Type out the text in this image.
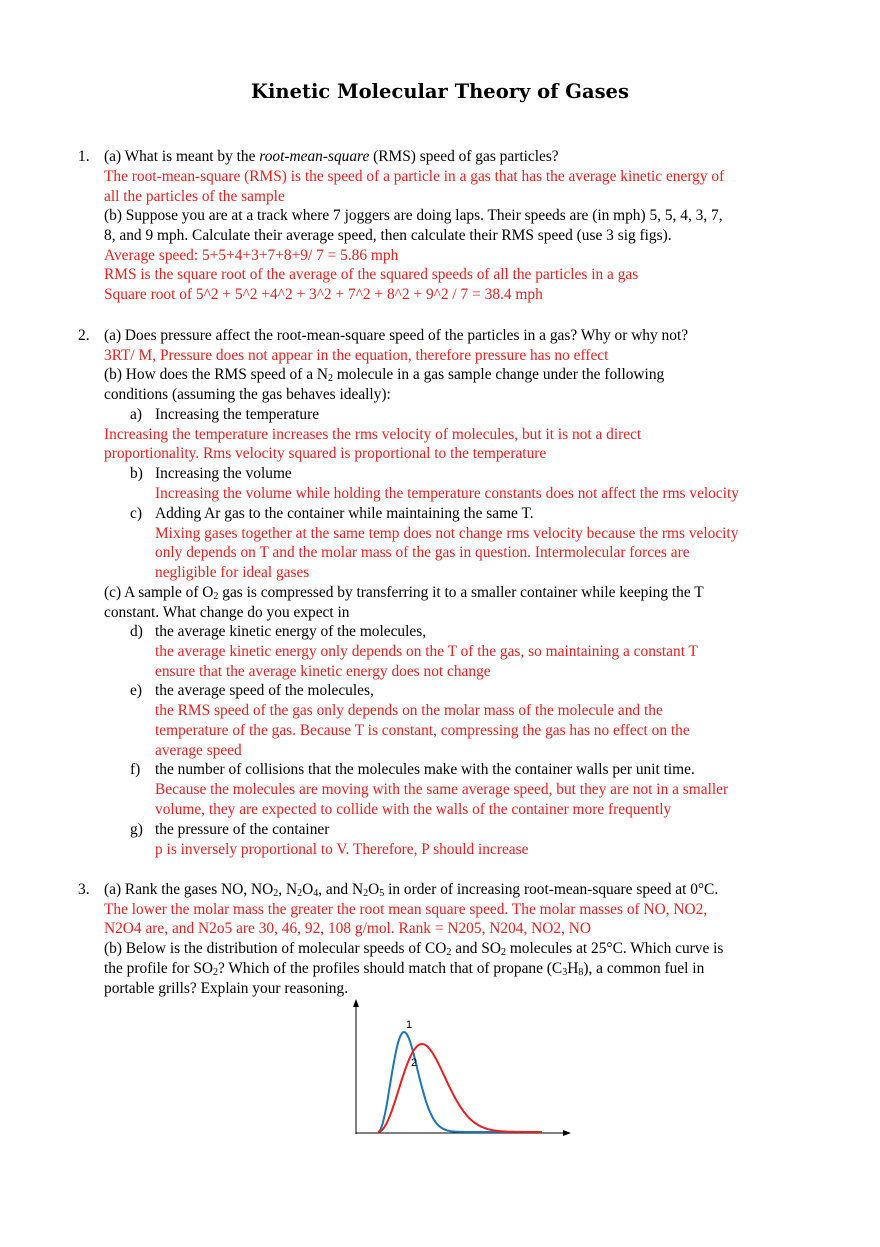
Kinetic Molecular Theory of Gases
1. (a) What is meant by the root-mean-square (RMS) speed of gas particles?
The root-mean-square (RMS) is the speed of a particle in a gas that has the average kinetic energy of
all the particles of the sample
(b) Suppose you are at a track where 7 joggers are doing laps. Their speeds are (in mph) 5, 5, 4, 3, 7,
8, and 9 mph. Calculate their average speed, then calculate their RMS speed (use 3 sig figs).
Average speed: 5+5+4+3+7+8+9/ 7 = 5.86 mph
RMS is the square root of the average of the squared speeds of all the particles in a gas
Square root of 5^2 + 5^2 +4^2 + 3^2 + 7^2 + 8^2 + 9^2 / 7 = 38.4 mph
2. (a) Does pressure affect the root-mean-square speed of the particles in a gas? Why or why not?
3RT/ M, Pressure does not appear in the equation, therefore pressure has no effect
(b) How does the RMS speed of a $N_2$ molecule in a gas sample change under the following
conditions (assuming the gas behaves ideally):
a) Increasing the temperature
Increasing the temperature increases the rms velocity of molecules, but it is not a direct
proportionality. Rms velocity squared is proportional to the temperature
b) Increasing the volume
Increasing the volume while holding the temperature constants does not affect the rms velocity
c) Adding Ar gas to the container while maintaining the same T.
Mixing gases together at the same temp does not change rms velocity because the rms velocity
only depends on T and the molar mass of the gas in question. Intermolecular forces are
negligible for ideal gases
(c) A sample of $O_2$ gas is compressed by transferring it to a smaller container while keeping the T
constant. What change do you expect in
d) the average kinetic energy of the molecules,
the average kinetic energy only depends on the T of the gas, so maintaining a constant T
ensure that the average kinetic energy does not change
e) the average speed of the molecules,
the RMS speed of the gas only depends on the molar mass of the molecule and the
temperature of the gas. Because T is constant, compressing the gas has no effect on the
average speed
f) the number of collisions that the molecules make with the container walls per unit time.
Because the molecules are moving with the same average speed, but they are not in a smaller
volume, they are expected to collide with the walls of the container more frequently
g) the pressure of the container
p is inversely proportional to V. Therefore, P should increase
3. (a) Rank the gases NO, $NO_2$, $N_2O_4$, and $N_2O_5$ in order of increasing root-mean-square speed at 0°C.
The lower the molar mass the greater the root mean square speed. The molar masses of NO, NO2,
N2O4 are, and N2o5 are 30, 46, 92, 108 g/mol. Rank = N205, N204, NO2, NO
(b) Below is the distribution of molecular speeds of $CO_2$ and $SO_2$ molecules at 25°C. Which curve is
the profile for $SO_2$? Which of the profiles should match that of propane $(C_3H_8)$, a common fuel in
portable grills? Explain your reasoning.
1
2
